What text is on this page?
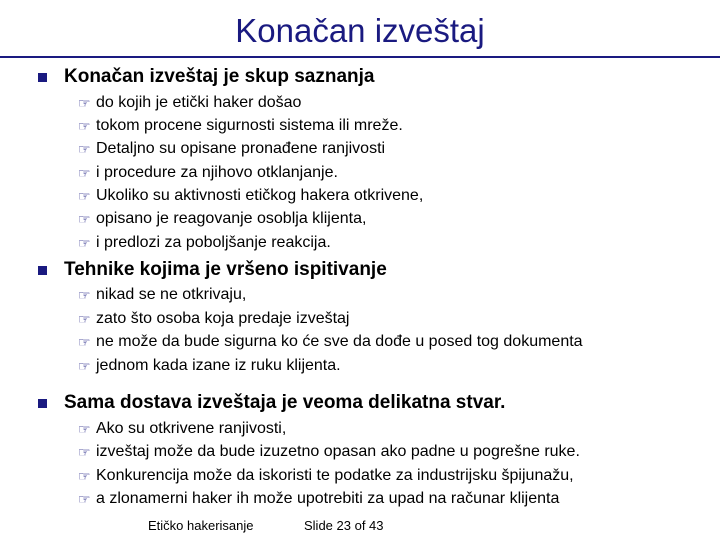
Konačan izveštaj
Konačan izveštaj je skup saznanja
☞ do kojih je etički haker došao
☞ tokom procene sigurnosti sistema ili mreže.
☞ Detaljno su opisane pronađene ranjivosti
☞ i procedure za njihovo otklanjanje.
☞ Ukoliko su aktivnosti etičkog hakera otkrivene,
☞ opisano je reagovanje osoblja klijenta,
☞ i predlozi za poboljšanje reakcija.
Tehnike kojima je vršeno ispitivanje
☞ nikad se ne otkrivaju,
☞ zato što osoba koja predaje izveštaj
☞ ne može da bude sigurna ko će sve da dođe u posed tog dokumenta
☞ jednom kada izane iz ruku klijenta.
Sama dostava izveštaja je veoma delikatna stvar.
☞ Ako su otkrivene ranjivosti,
☞ izveštaj može da bude izuzetno opasan ako padne u pogrešne ruke.
☞ Konkurencija može da iskoristi te podatke za industrijsku špijunažu,
☞ a zlonamerni haker ih može upotrebiti za upad na računar klijenta
Etičko hakerisanje	Slide 23 of 43
